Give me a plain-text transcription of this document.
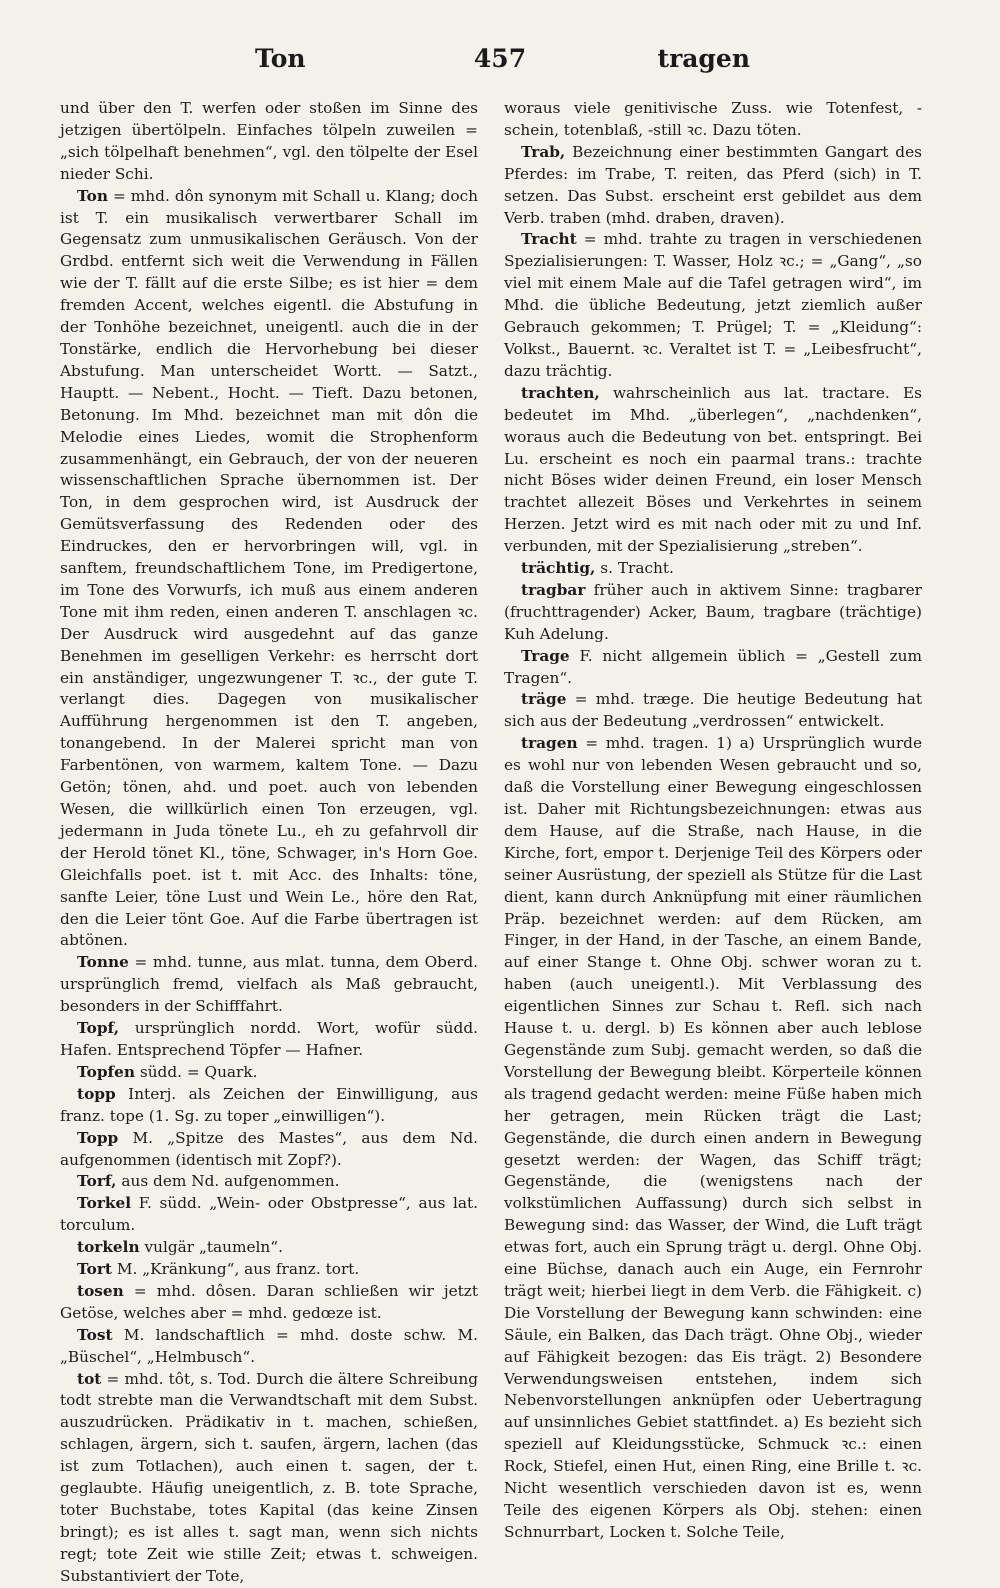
Ton	457	tragen

und über den T. werfen oder stoßen im Sinne des jetzigen übertölpeln. Einfaches tölpeln zuweilen = „sich tölpelhaft benehmen“, vgl. den tölpelte der Esel nieder Schi.

Ton = mhd. dôn synonym mit Schall u. Klang; doch ist T. ein musikalisch verwertbarer Schall im Gegensatz zum unmusikalischen Geräusch. Von der Grdbd. entfernt sich weit die Verwendung in Fällen wie der T. fällt auf die erste Silbe; es ist hier = dem fremden Accent, welches eigentl. die Abstufung in der Tonhöhe bezeichnet, uneigentl. auch die in der Tonstärke, endlich die Hervorhebung bei dieser Abstufung. Man unterscheidet Wortt. — Satzt., Hauptt. — Nebent., Hocht. — Tieft. Dazu betonen, Betonung. Im Mhd. bezeichnet man mit dôn die Melodie eines Liedes, womit die Strophenform zusammenhängt, ein Gebrauch, der von der neueren wissenschaftlichen Sprache übernommen ist. Der Ton, in dem gesprochen wird, ist Ausdruck der Gemütsverfassung des Redenden oder des Eindruckes, den er hervorbringen will, vgl. in sanftem, freundschaftlichem Tone, im Predigertone, im Tone des Vorwurfs, ich muß aus einem anderen Tone mit ihm reden, einen anderen T. anschlagen ꝛc. Der Ausdruck wird ausgedehnt auf das ganze Benehmen im geselligen Verkehr: es herrscht dort ein anständiger, ungezwungener T. ꝛc., der gute T. verlangt dies. Dagegen von musikalischer Aufführung hergenommen ist den T. angeben, tonangebend. In der Malerei spricht man von Farbentönen, von warmem, kaltem Tone. — Dazu Getön; tönen, ahd. und poet. auch von lebenden Wesen, die willkürlich einen Ton erzeugen, vgl. jedermann in Juda tönete Lu., eh zu gefahrvoll dir der Herold tönet Kl., töne, Schwager, in's Horn Goe. Gleichfalls poet. ist t. mit Acc. des Inhalts: töne, sanfte Leier, töne Lust und Wein Le., höre den Rat, den die Leier tönt Goe. Auf die Farbe übertragen ist abtönen.

Tonne = mhd. tunne, aus mlat. tunna, dem Oberd. ursprünglich fremd, vielfach als Maß gebraucht, besonders in der Schifffahrt.

Topf, ursprünglich nordd. Wort, wofür südd. Hafen. Entsprechend Töpfer — Hafner.

Topfen südd. = Quark.

topp Interj. als Zeichen der Einwilligung, aus franz. tope (1. Sg. zu toper „einwilligen“).

Topp M. „Spitze des Mastes“, aus dem Nd. aufgenommen (identisch mit Zopf?).

Torf, aus dem Nd. aufgenommen.

Torkel F. südd. „Wein- oder Obstpresse“, aus lat. torculum.

torkeln vulgär „taumeln“.

Tort M. „Kränkung“, aus franz. tort.

tosen = mhd. dôsen. Daran schließen wir jetzt Getöse, welches aber = mhd. gedœze ist.

Tost M. landschaftlich = mhd. doste schw. M. „Büschel“, „Helmbusch“.

tot = mhd. tôt, s. Tod. Durch die ältere Schreibung todt strebte man die Verwandtschaft mit dem Subst. auszudrücken. Prädikativ in t. machen, schießen, schlagen, ärgern, sich t. saufen, ärgern, lachen (das ist zum Totlachen), auch einen t. sagen, der t. geglaubte. Häufig uneigentlich, z. B. tote Sprache, toter Buchstabe, totes Kapital (das keine Zinsen bringt); es ist alles t. sagt man, wenn sich nichts regt; tote Zeit wie stille Zeit; etwas t. schweigen. Substantiviert der Tote,

woraus viele genitivische Zuss. wie Totenfest, -schein, totenblaß, -still ꝛc. Dazu töten.

Trab, Bezeichnung einer bestimmten Gangart des Pferdes: im Trabe, T. reiten, das Pferd (sich) in T. setzen. Das Subst. erscheint erst gebildet aus dem Verb. traben (mhd. draben, draven).

Tracht = mhd. trahte zu tragen in verschiedenen Spezialisierungen: T. Wasser, Holz ꝛc.; = „Gang“, „so viel mit einem Male auf die Tafel getragen wird“, im Mhd. die übliche Bedeutung, jetzt ziemlich außer Gebrauch gekommen; T. Prügel; T. = „Kleidung“: Volkst., Bauernt. ꝛc. Veraltet ist T. = „Leibesfrucht“, dazu trächtig.

trachten, wahrscheinlich aus lat. tractare. Es bedeutet im Mhd. „überlegen“, „nachdenken“, woraus auch die Bedeutung von bet. entspringt. Bei Lu. erscheint es noch ein paarmal trans.: trachte nicht Böses wider deinen Freund, ein loser Mensch trachtet allezeit Böses und Verkehrtes in seinem Herzen. Jetzt wird es mit nach oder mit zu und Inf. verbunden, mit der Spezialisierung „streben“.

trächtig, s. Tracht.

tragbar früher auch in aktivem Sinne: tragbarer (fruchttragender) Acker, Baum, tragbare (trächtige) Kuh Adelung.

Trage F. nicht allgemein üblich = „Gestell zum Tragen“.

träge = mhd. træge. Die heutige Bedeutung hat sich aus der Bedeutung „verdrossen“ entwickelt.

tragen = mhd. tragen. 1) a) Ursprünglich wurde es wohl nur von lebenden Wesen gebraucht und so, daß die Vorstellung einer Bewegung eingeschlossen ist. Daher mit Richtungsbezeichnungen: etwas aus dem Hause, auf die Straße, nach Hause, in die Kirche, fort, empor t. Derjenige Teil des Körpers oder seiner Ausrüstung, der speziell als Stütze für die Last dient, kann durch Anknüpfung mit einer räumlichen Präp. bezeichnet werden: auf dem Rücken, am Finger, in der Hand, in der Tasche, an einem Bande, auf einer Stange t. Ohne Obj. schwer woran zu t. haben (auch uneigentl.). Mit Verblassung des eigentlichen Sinnes zur Schau t. Refl. sich nach Hause t. u. dergl. b) Es können aber auch leblose Gegenstände zum Subj. gemacht werden, so daß die Vorstellung der Bewegung bleibt. Körperteile können als tragend gedacht werden: meine Füße haben mich her getragen, mein Rücken trägt die Last; Gegenstände, die durch einen andern in Bewegung gesetzt werden: der Wagen, das Schiff trägt; Gegenstände, die (wenigstens nach der volkstümlichen Auffassung) durch sich selbst in Bewegung sind: das Wasser, der Wind, die Luft trägt etwas fort, auch ein Sprung trägt u. dergl. Ohne Obj. eine Büchse, danach auch ein Auge, ein Fernrohr trägt weit; hierbei liegt in dem Verb. die Fähigkeit. c) Die Vorstellung der Bewegung kann schwinden: eine Säule, ein Balken, das Dach trägt. Ohne Obj., wieder auf Fähigkeit bezogen: das Eis trägt. 2) Besondere Verwendungsweisen entstehen, indem sich Nebenvorstellungen anknüpfen oder Uebertragung auf unsinnliches Gebiet stattfindet. a) Es bezieht sich speziell auf Kleidungsstücke, Schmuck ꝛc.: einen Rock, Stiefel, einen Hut, einen Ring, eine Brille t. ꝛc. Nicht wesentlich verschieden davon ist es, wenn Teile des eigenen Körpers als Obj. stehen: einen Schnurrbart, Locken t. Solche Teile,
